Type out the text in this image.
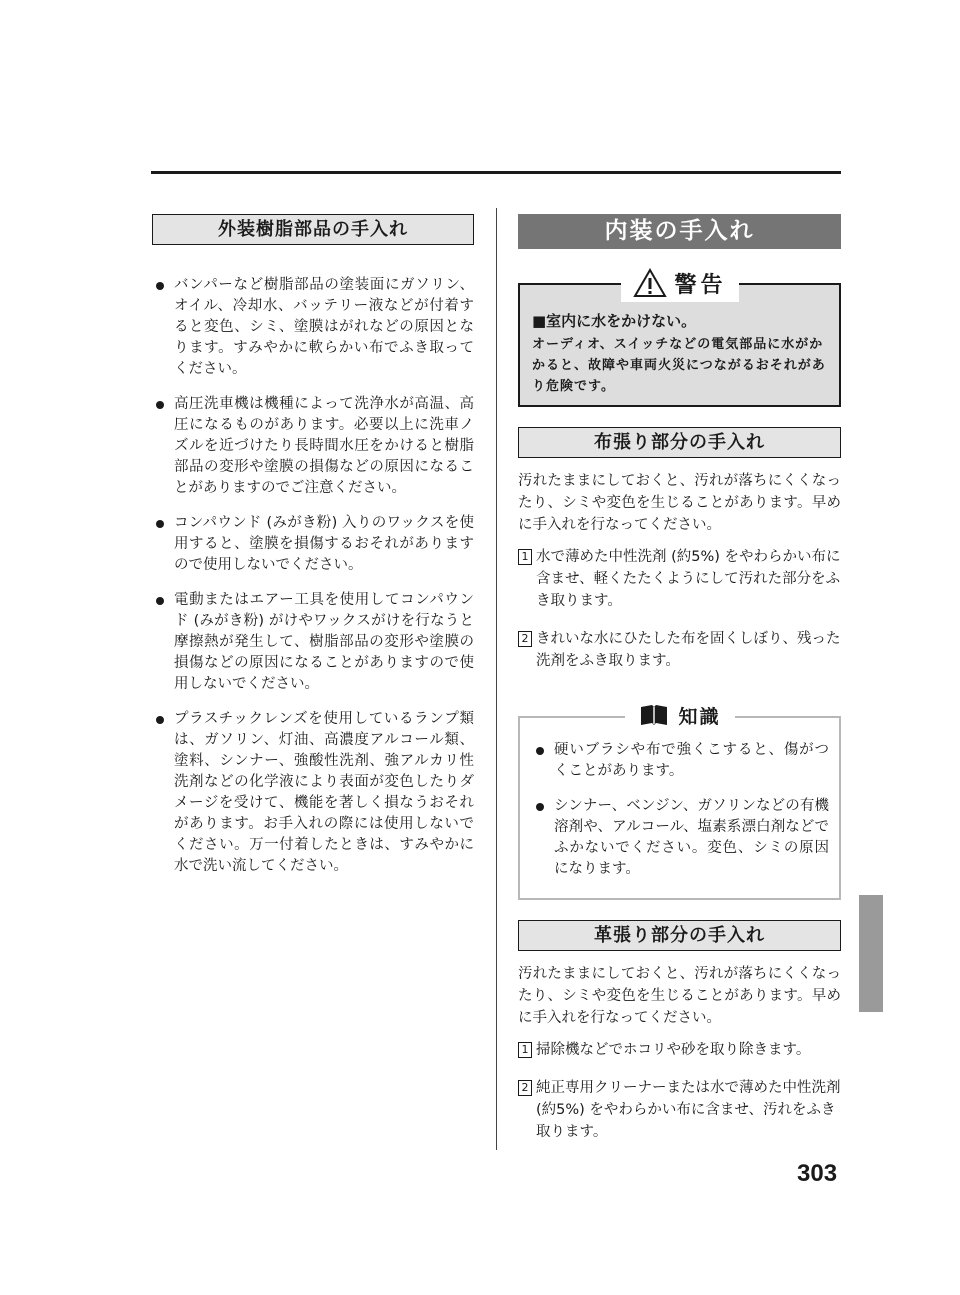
外装樹脂部品の手入れ
バンパーなど樹脂部品の塗装面にガソリン、オイル、冷却水、バッテリー液などが付着すると変色、シミ、塗膜はがれなどの原因となります。すみやかに軟らかい布でふき取ってください。
高圧洗車機は機種によって洗浄水が高温、高圧になるものがあります。必要以上に洗車ノズルを近づけたり長時間水圧をかけると樹脂部品の変形や塗膜の損傷などの原因になることがありますのでご注意ください。
コンパウンド (みがき粉) 入りのワックスを使用すると、塗膜を損傷するおそれがありますので使用しないでください。
電動またはエアー工具を使用してコンパウンド (みがき粉) がけやワックスがけを行なうと摩擦熱が発生して、樹脂部品の変形や塗膜の損傷などの原因になることがありますので使用しないでください。
プラスチックレンズを使用しているランプ類は、ガソリン、灯油、高濃度アルコール類、塗料、シンナー、強酸性洗剤、強アルカリ性洗剤などの化学液により表面が変色したりダメージを受けて、機能を著しく損なうおそれがあります。お手入れの際には使用しないでください。万一付着したときは、すみやかに水で洗い流してください。
内装の手入れ

■室内に水をかけない。

オーディオ、スイッチなどの電気部品に水がかかると、故障や車両火災につながるおそれがあり危険です。

警告
布張り部分の手入れ

汚れたままにしておくと、汚れが落ちにくくなったり、シミや変色を生じることがあります。早めに手入れを行なってください。

1 水で薄めた中性洗剤 (約5%) をやわらかい布に含ませ、軽くたたくようにして汚れた部分をふき取ります。
2 きれいな水にひたした布を固くしぼり、残った洗剤をふき取ります。
硬いブラシや布で強くこすると、傷がつくことがあります。
シンナー、ベンジン、ガソリンなどの有機溶剤や、アルコール、塩素系漂白剤などでふかないでください。変色、シミの原因になります。
知識
革張り部分の手入れ

汚れたままにしておくと、汚れが落ちにくくなったり、シミや変色を生じることがあります。早めに手入れを行なってください。

1 掃除機などでホコリや砂を取り除きます。
2 純正専用クリーナーまたは水で薄めた中性洗剤 (約5%) をやわらかい布に含ませ、汚れをふき取ります。
303
